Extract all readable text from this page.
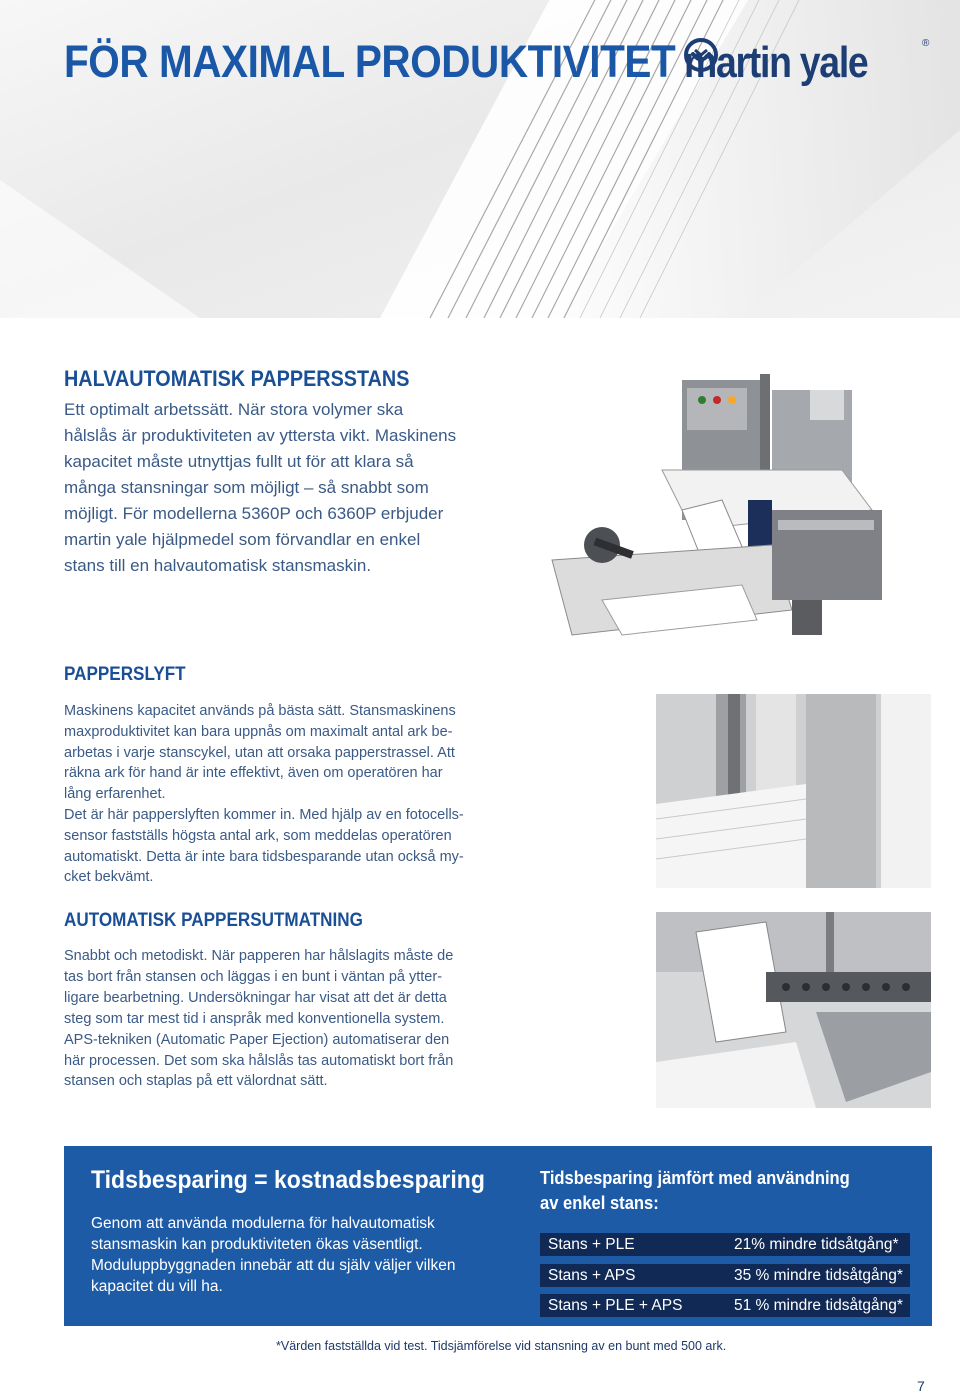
FÖR MAXIMAL PRODUKTIVITET martin yale	®
HALVAUTOMATISK PAPPERSSTANS

Ett optimalt arbetssätt. När stora volymer ska
hålslås är produktiviteten av yttersta vikt. Maskinens
kapacitet måste utnyttjas fullt ut för att klara så
många stansningar som möjligt – så snabbt som
möjligt. För modellerna 5360P och 6360P erbjuder
martin yale hjälpmedel som förvandlar en enkel
stans till en halvautomatisk stansmaskin.

PAPPERSLYFT

Maskinens kapacitet används på bästa sätt. Stansmaskinens
maxproduktivitet kan bara uppnås om maximalt antal ark be-
arbetas i varje stanscykel, utan att orsaka papperstrassel. Att
räkna ark för hand är inte effektivt, även om operatören har
lång erfarenhet.
Det är här papperslyften kommer in. Med hjälp av en fotocells-
sensor fastställs högsta antal ark, som meddelas operatören
automatiskt. Detta är inte bara tidsbesparande utan också my-
cket bekvämt.

AUTOMATISK PAPPERSUTMATNING

Snabbt och metodiskt. När papperen har hålslagits måste de
tas bort från stansen och läggas i en bunt i väntan på ytter-
ligare bearbetning. Undersökningar har visat att det är detta
steg som tar mest tid i anspråk med konventionella system.
APS-tekniken (Automatic Paper Ejection) automatiserar den
här processen. Det som ska hålslås tas automatiskt bort från
stansen och staplas på ett välordnat sätt.

Tidsbesparing = kostnadsbesparing

Genom att använda modulerna för halvautomatisk
stansmaskin kan produktiviteten ökas väsentligt.
Moduluppbyggnaden innebär att du själv väljer vilken
kapacitet du vill ha.

Tidsbesparing jämfört med användning
av enkel stans:
Stans + PLE	21% mindre tidsåtgång*
Stans + APS	35 % mindre tidsåtgång*
Stans + PLE + APS	51 % mindre tidsåtgång*

*Värden fastställda vid test. Tidsjämförelse vid stansning av en bunt med 500 ark.

7
